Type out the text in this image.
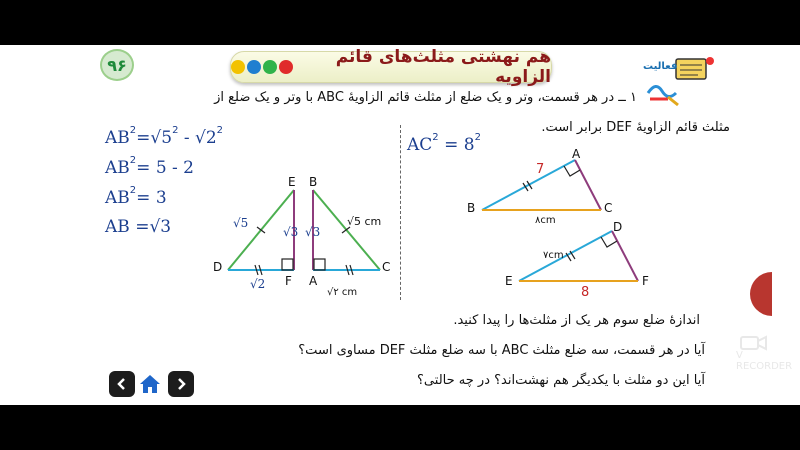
V RECORDER
۹۶	هم نهشتی مثلث‌های قائم الزاویه
فعالیت
۱ ــ در هر قسمت، وتر و یک ضلع از مثلث قائم الزاویهٔ ABC با وتر و یک ضلع از
مثلث قائم الزاویهٔ DEF برابر است.
$AB^2=√5^2 - √2^2$
$AB^2= 5 - 2$
$AB^2= 3$
AB =√3
$AC^2 = 8^2$
E B
D
F A
C
√5
√3 √3
√5 cm
√2
√۲ cm
A
B	C
D
E	F
7
۸cm
۷cm
8
اندازهٔ ضلع سوم هر یک از مثلث‌ها را پیدا کنید.
آیا در هر قسمت، سه ضلع مثلث ABC با سه ضلع مثلث DEF مساوی است؟
آیا این دو مثلث با یکدیگر هم نهشت‌اند؟ در چه حالتی؟
